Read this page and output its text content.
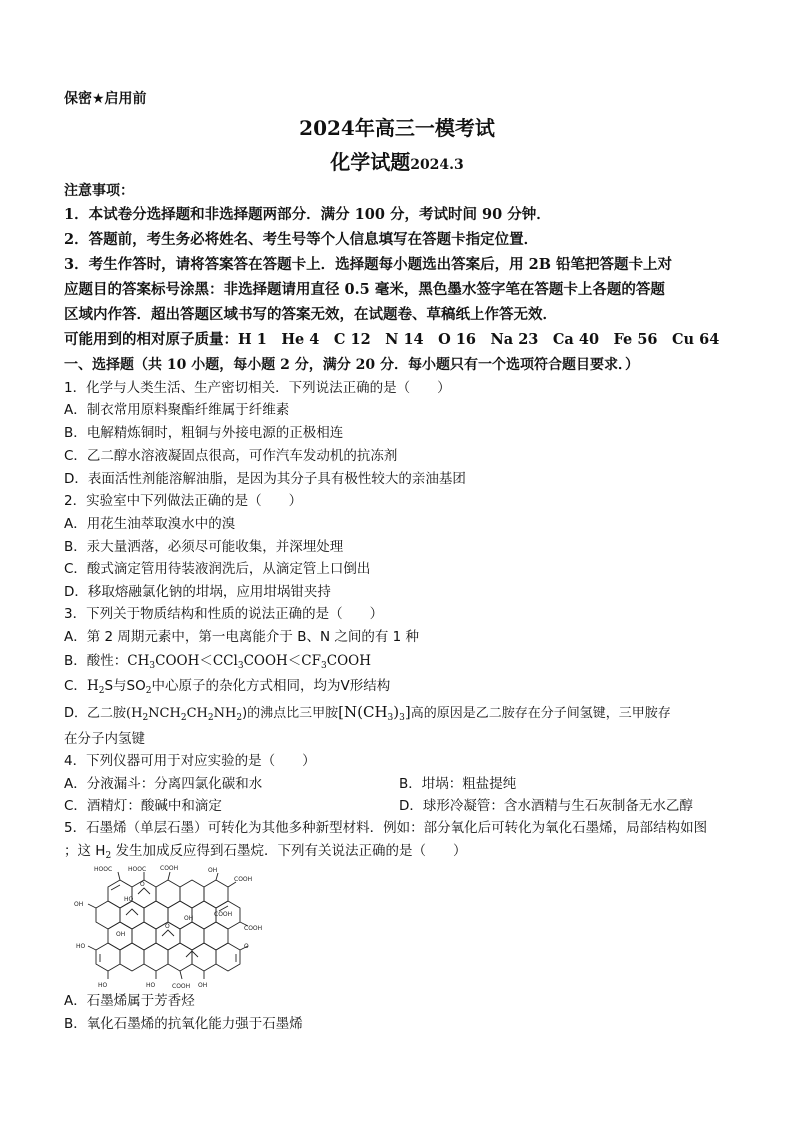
保密★启用前
2024年高三一模考试
化学试题2024.3
注意事项：
1．本试卷分选择题和非选择题两部分．满分 100 分，考试时间 90 分钟．
2．答题前，考生务必将姓名、考生号等个人信息填写在答题卡指定位置．
3．考生作答时，请将答案答在答题卡上．选择题每小题选出答案后，用 2B 铅笔把答题卡上对
应题目的答案标号涂黑：非选择题请用直径 0.5 毫米，黑色墨水签字笔在答题卡上各题的答题
区域内作答．超出答题区域书写的答案无效，在试题卷、草稿纸上作答无效．
可能用到的相对原子质量：H 1　He 4　C 12　N 14　O 16　Na 23　Ca 40　Fe 56　Cu 64
一、选择题（共 10 小题，每小题 2 分，满分 20 分．每小题只有一个选项符合题目要求．）
1．化学与人类生活、生产密切相关．下列说法正确的是（　　）
A．制衣常用原料聚酯纤维属于纤维素
B．电解精炼铜时，粗铜与外接电源的正极相连
C．乙二醇水溶液凝固点很高，可作汽车发动机的抗冻剂
D．表面活性剂能溶解油脂，是因为其分子具有极性较大的亲油基团
2．实验室中下列做法正确的是（　　）
A．用花生油萃取溴水中的溴
B．汞大量洒落，必须尽可能收集，并深埋处理
C．酸式滴定管用待装液润洗后，从滴定管上口倒出
D．移取熔融氯化钠的坩埚，应用坩埚钳夹持
3．下列关于物质结构和性质的说法正确的是（　　）
A．第 2 周期元素中，第一电离能介于 B、N 之间的有 1 种
B．酸性：$CH_3COOH<CCl_3COOH<CF_3COOH$
C．$H_2S$与$SO_2$中心原子的杂化方式相同，均为Ⅴ形结构
D．乙二胺$(H_2NCH_2CH_2NH_2)$的沸点比三甲胺$[N(CH_3)_3]$高的原因是乙二胺存在分子间氢键，三甲胺存
在分子内氢键
4．下列仪器可用于对应实验的是（　　）
A．分液漏斗：分离四氯化碳和水	B．坩埚：粗盐提纯
C．酒精灯：酸碱中和滴定	D．球形冷凝管：含水酒精与生石灰制备无水乙醇
5．石墨烯（单层石墨）可转化为其他多种新型材料．例如：部分氧化后可转化为氧化石墨烯，局部结构如图
；这 $H_2$ 发生加成反应得到石墨烷．下列有关说法正确的是（　　）
HOOC	HOOC COOH
COOH
OH
HO
OH
COOH
HO	O
OH
COOH
HO	HO	OH
COOH
OH
O
O
A．石墨烯属于芳香烃
B．氧化石墨烯的抗氧化能力强于石墨烯
